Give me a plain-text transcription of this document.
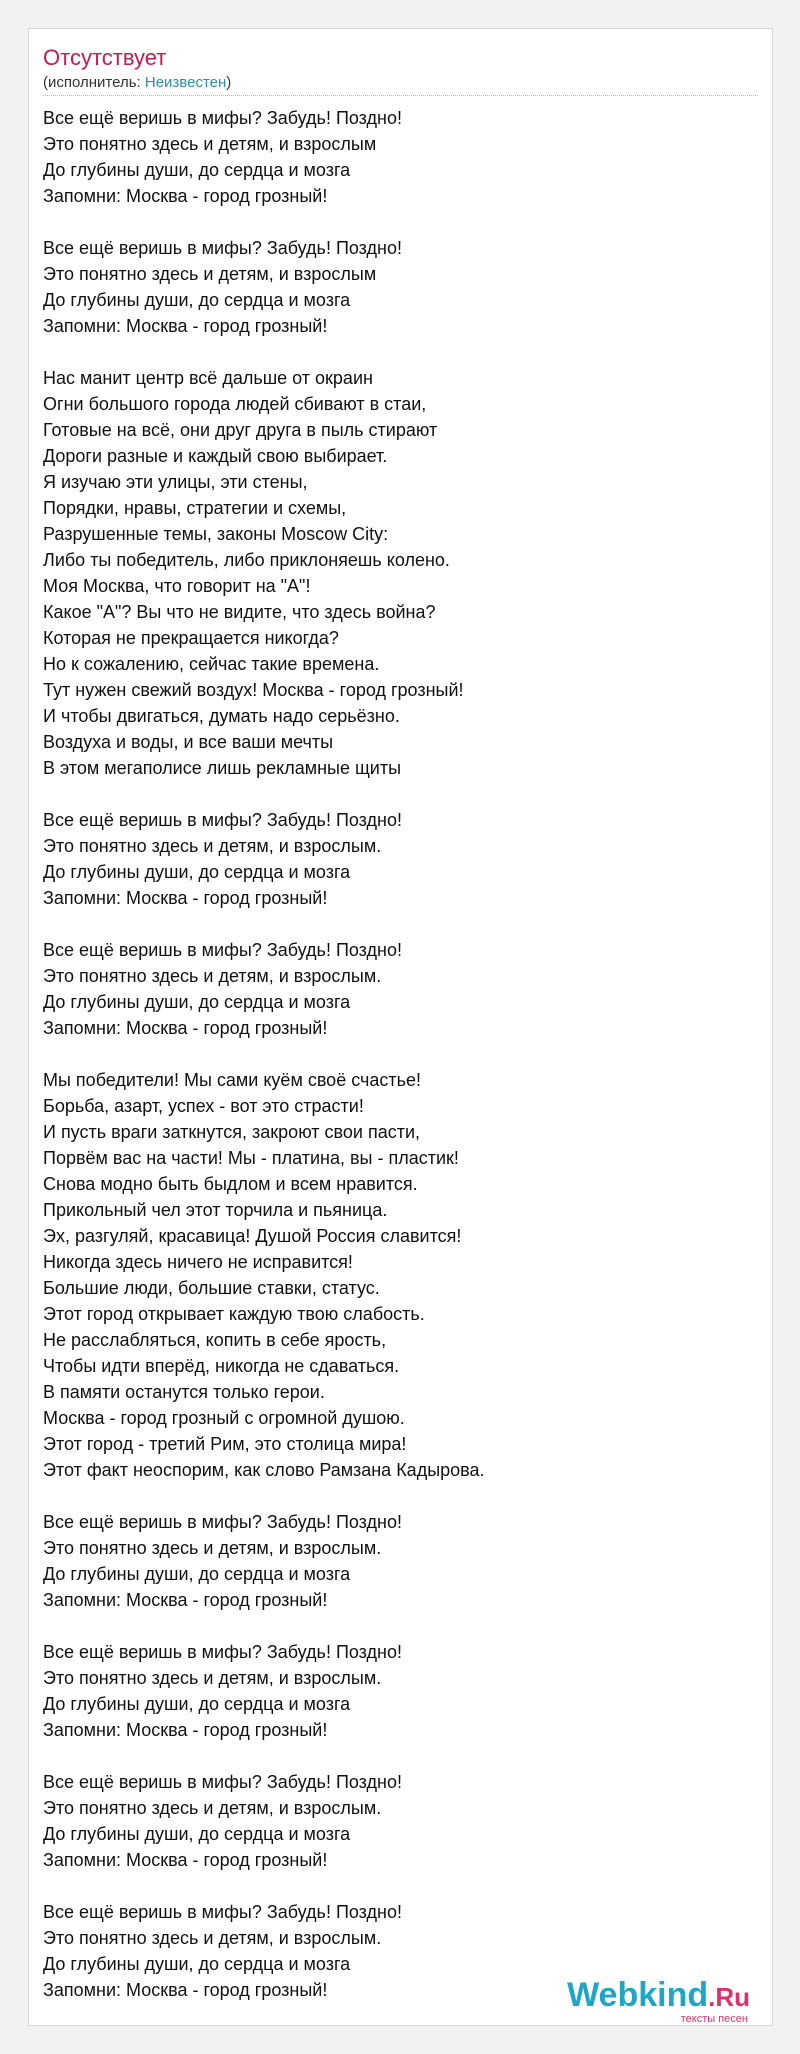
Отсутствует
(исполнитель: Неизвестен)
Все ещё веришь в мифы? Забудь! Поздно!
Это понятно здесь и детям, и взрослым
До глубины души, до сердца и мозга
Запомни: Москва - город грозный!
Все ещё веришь в мифы? Забудь! Поздно!
Это понятно здесь и детям, и взрослым
До глубины души, до сердца и мозга
Запомни: Москва - город грозный!
Нас манит центр всё дальше от окраин
Огни большого города людей сбивают в стаи,
Готовые на всё, они друг друга в пыль стирают
Дороги разные и каждый свою выбирает.
Я изучаю эти улицы, эти стены,
Порядки, нравы, стратегии и схемы,
Разрушенные темы, законы Moscow City:
Либо ты победитель, либо приклоняешь колено.
Моя Москва, что говорит на "А"!
Какое "А"? Вы что не видите, что здесь война?
Которая не прекращается никогда?
Но к сожалению, сейчас такие времена.
Тут нужен свежий воздух! Москва - город грозный!
И чтобы двигаться, думать надо серьёзно.
Воздуха и воды, и все ваши мечты
В этом мегаполисе лишь рекламные щиты
Все ещё веришь в мифы? Забудь! Поздно!
Это понятно здесь и детям, и взрослым.
До глубины души, до сердца и мозга
Запомни: Москва - город грозный!
Все ещё веришь в мифы? Забудь! Поздно!
Это понятно здесь и детям, и взрослым.
До глубины души, до сердца и мозга
Запомни: Москва - город грозный!
Мы победители! Мы сами куём своё счастье!
Борьба, азарт, успех - вот это страсти!
И пусть враги заткнутся, закроют свои пасти,
Порвём вас на части! Мы - платина, вы - пластик!
Снова модно быть быдлом и всем нравится.
Прикольный чел этот торчила и пьяница.
Эх, разгуляй, красавица! Душой Россия славится!
Никогда здесь ничего не исправится!
Большие люди, большие ставки, статус.
Этот город открывает каждую твою слабость.
Не расслабляться, копить в себе ярость,
Чтобы идти вперёд, никогда не сдаваться.
В памяти останутся только герои.
Москва - город грозный с огромной душою.
Этот город - третий Рим, это столица мира!
Этот факт неоспорим, как слово Рамзана Кадырова.
Все ещё веришь в мифы? Забудь! Поздно!
Это понятно здесь и детям, и взрослым.
До глубины души, до сердца и мозга
Запомни: Москва - город грозный!
Все ещё веришь в мифы? Забудь! Поздно!
Это понятно здесь и детям, и взрослым.
До глубины души, до сердца и мозга
Запомни: Москва - город грозный!
Все ещё веришь в мифы? Забудь! Поздно!
Это понятно здесь и детям, и взрослым.
До глубины души, до сердца и мозга
Запомни: Москва - город грозный!
Все ещё веришь в мифы? Забудь! Поздно!
Это понятно здесь и детям, и взрослым.
До глубины души, до сердца и мозга
Запомни: Москва - город грозный!	Webkind.Ru
тексты песен
